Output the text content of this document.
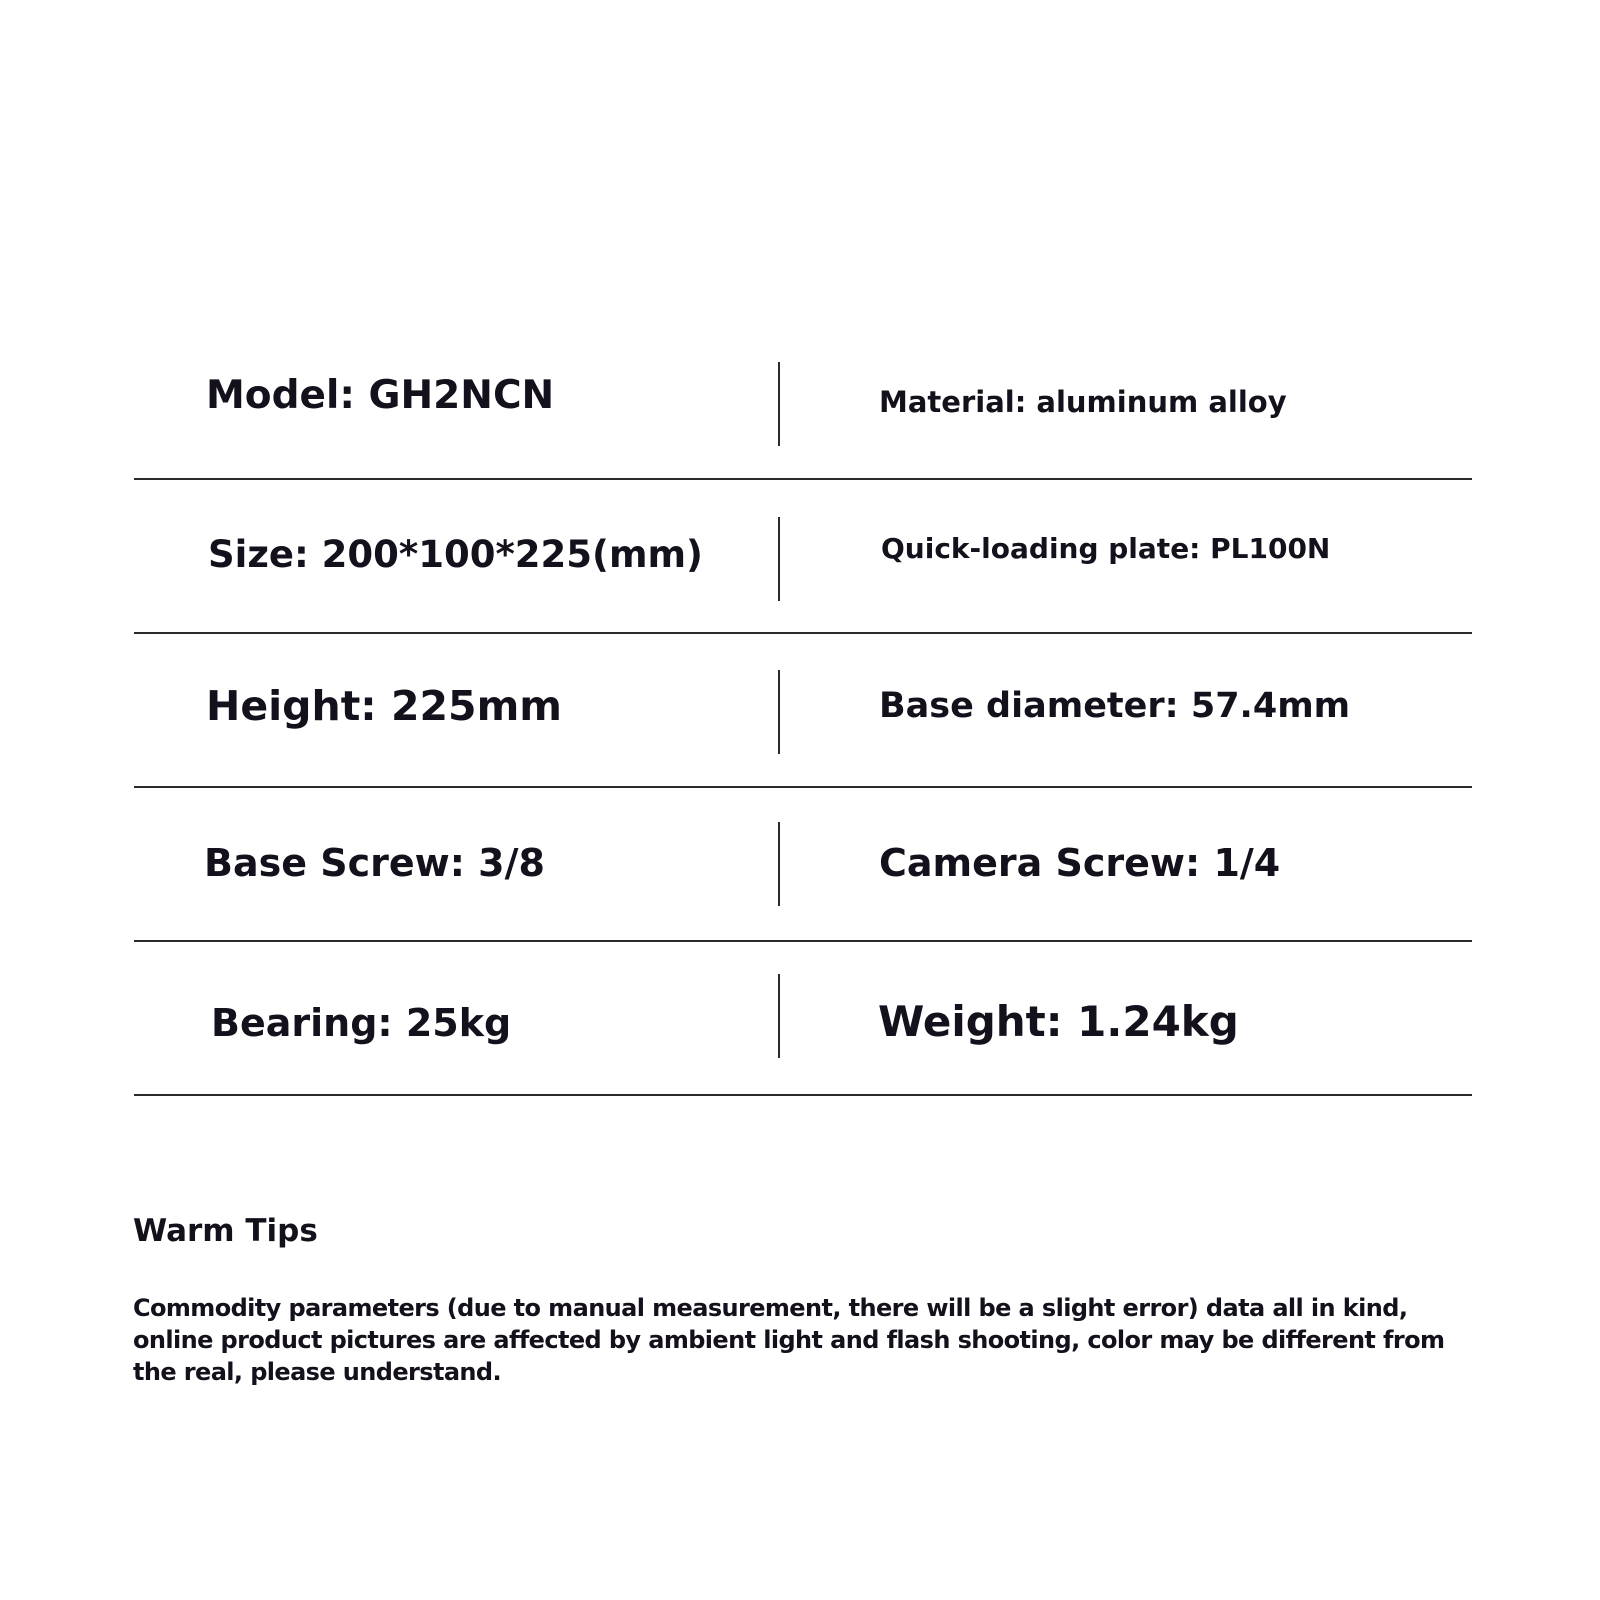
Model: GH2NCN	Material: aluminum alloy
Size: 200*100*225(mm)	Quick-loading plate: PL100N
Height: 225mm	Base diameter: 57.4mm
Base Screw: 3/8	Camera Screw: 1/4
Bearing: 25kg	Weight: 1.24kg

Warm Tips

Commodity parameters (due to manual measurement, there will be a slight error) data all in kind, online product pictures are affected by ambient light and flash shooting, color may be different from the real, please understand.
